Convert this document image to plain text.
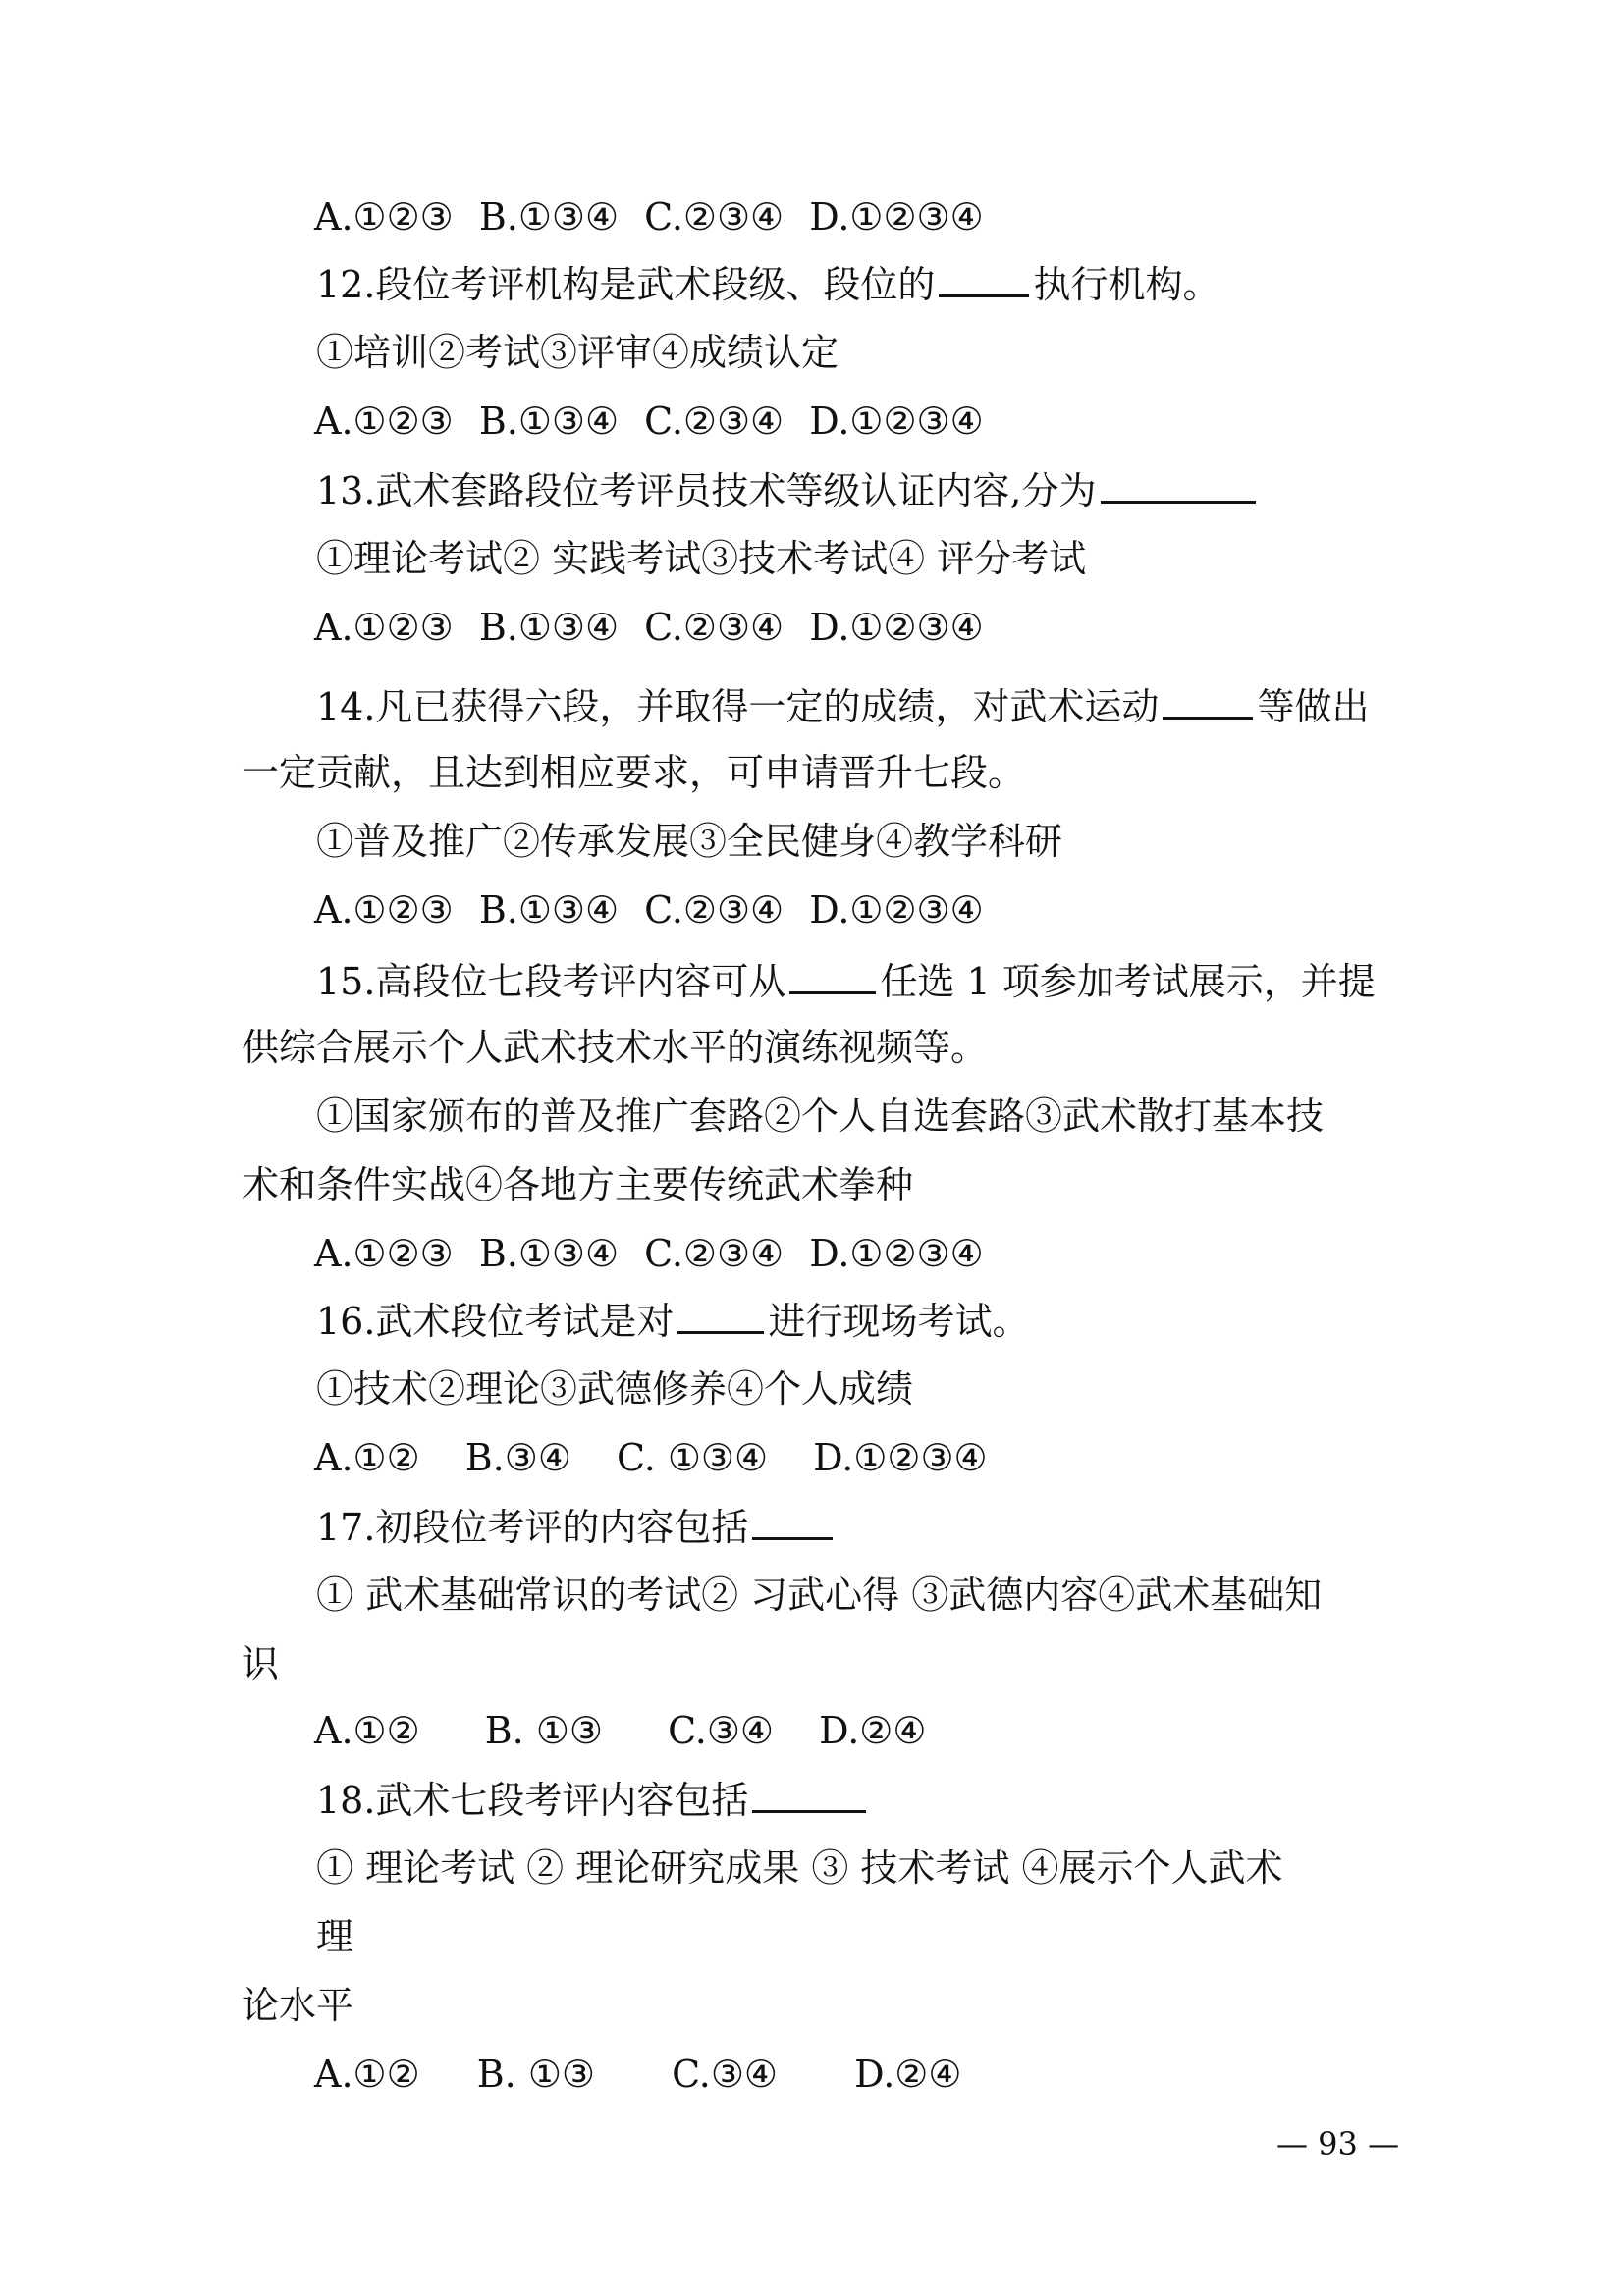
A.①②③ B.①③④ C.②③④ D.①②③④
12.段位考评机构是武术段级、段位的	执行机构。
①培训②考试③评审④成绩认定
A.①②③ B.①③④ C.②③④ D.①②③④
13.武术套路段位考评员技术等级认证内容,分为
①理论考试② 实践考试③技术考试④ 评分考试
A.①②③ B.①③④ C.②③④ D.①②③④
14.凡已获得六段，并取得一定的成绩，对武术运动	等做出
一定贡献，且达到相应要求，可申请晋升七段。
①普及推广②传承发展③全民健身④教学科研
A.①②③ B.①③④ C.②③④ D.①②③④
15.高段位七段考评内容可从	任选 1 项参加考试展示，并提
供综合展示个人武术技术水平的演练视频等。
①国家颁布的普及推广套路②个人自选套路③武术散打基本技
术和条件实战④各地方主要传统武术拳种
A.①②③ B.①③④ C.②③④ D.①②③④
16.武术段位考试是对	进行现场考试。
①技术②理论③武德修养④个人成绩
A.①② B.③④ C. ①③④ D.①②③④
17.初段位考评的内容包括
① 武术基础常识的考试② 习武心得 ③武德内容④武术基础知
识
A.①② B. ①③ C.③④ D.②④
18.武术七段考评内容包括
① 理论考试 ② 理论研究成果 ③ 技术考试 ④展示个人武术
理
论水平
A.①② B. ①③ C.③④ D.②④
— 93 —
